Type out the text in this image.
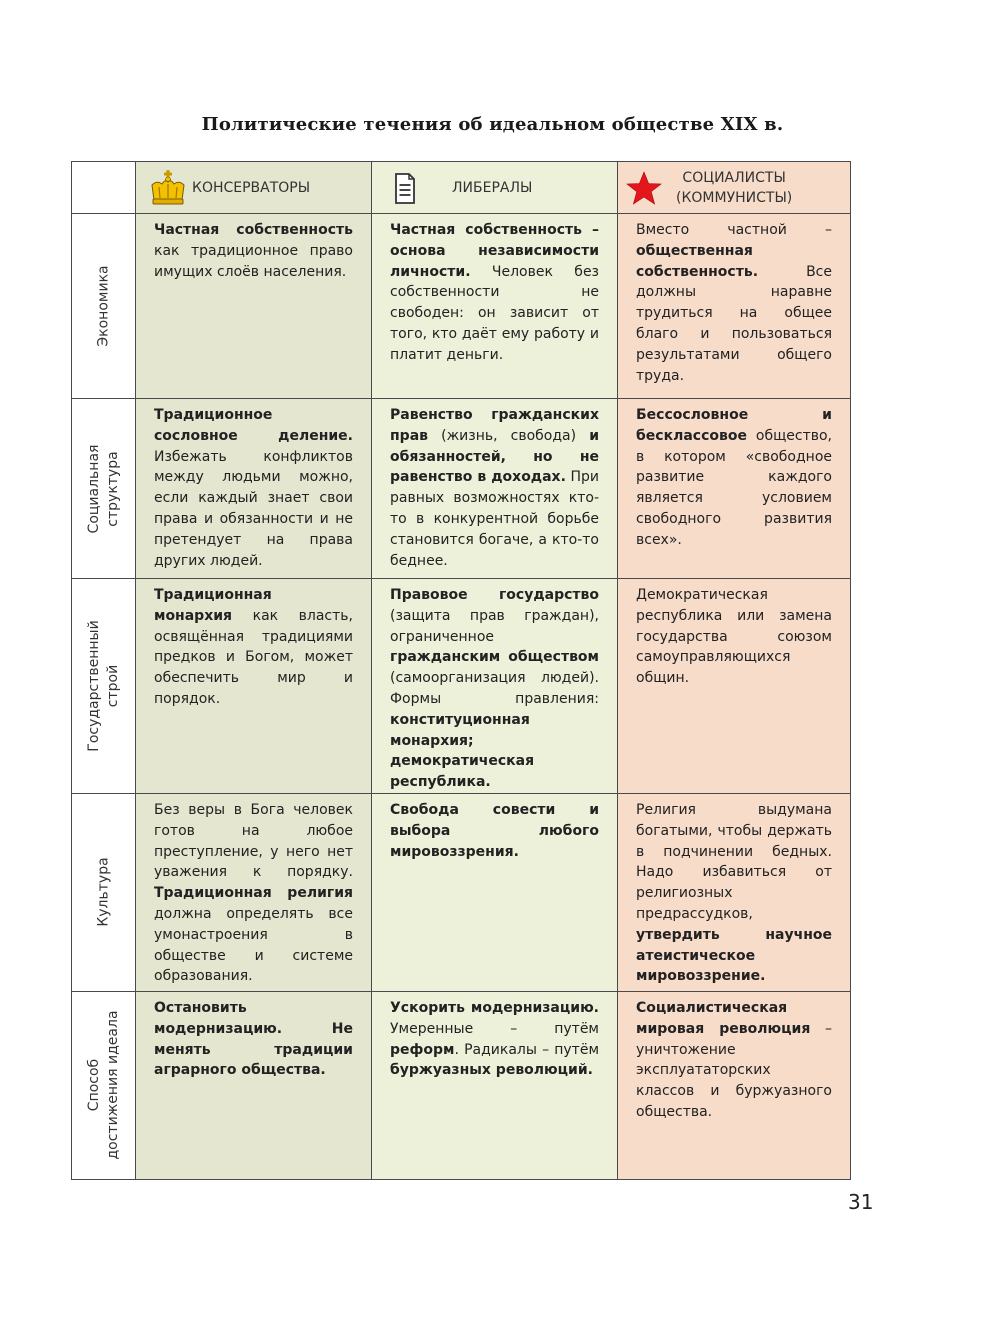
Политические течения об идеальном обществе XIX в.

	КОНСЕРВАТОРЫ	ЛИБЕРАЛЫ	СОЦИАЛИСТЫ
(КОММУНИСТЫ)

Экономика	Частная собственность как традиционное право имущих слоёв населения.	Частная собственность – основа независимости личности. Человек без собственности не свободен: он зависит от того, кто даёт ему работу и платит деньги.	Вместо частной – общественная собственность. Все должны наравне трудиться на общее благо и пользоваться результатами общего труда.

Социальная структура	Традиционное сословное деление. Избежать конфликтов между людьми можно, если каждый знает свои права и обязанности и не претендует на права других людей.	Равенство гражданских прав (жизнь, свобода) и обязанностей, но не равенство в доходах. При равных возможностях кто-то в конкурентной борьбе становится богаче, а кто-то беднее.	Бессословное и бесклассовое общество, в котором «свободное развитие каждого является условием свободного развития всех».

Государственный строй	Традиционная монархия как власть, освящённая традициями предков и Богом, может обеспечить мир и порядок.	Правовое государство (защита прав граждан), ограниченное гражданским обществом (самоорганизация людей). Формы правления: конституционная монархия; демократическая республика.	Демократическая республика или замена государства союзом самоуправляющихся общин.

Культура	Без веры в Бога человек готов на любое преступление, у него нет уважения к порядку. Традиционная религия должна определять все умонастроения в обществе и системе образования.	Свобода совести и выбора любого мировоззрения.	Религия выдумана богатыми, чтобы держать в подчинении бедных. Надо избавиться от религиозных предрассудков, утвердить научное атеистическое мировоззрение.

Способ достижения идеала	Остановить модернизацию. Не менять традиции аграрного общества.	Ускорить модернизацию. Умеренные – путём реформ. Радикалы – путём буржуазных революций.	Социалистическая мировая революция – уничтожение эксплуататорских классов и буржуазного общества.
31
